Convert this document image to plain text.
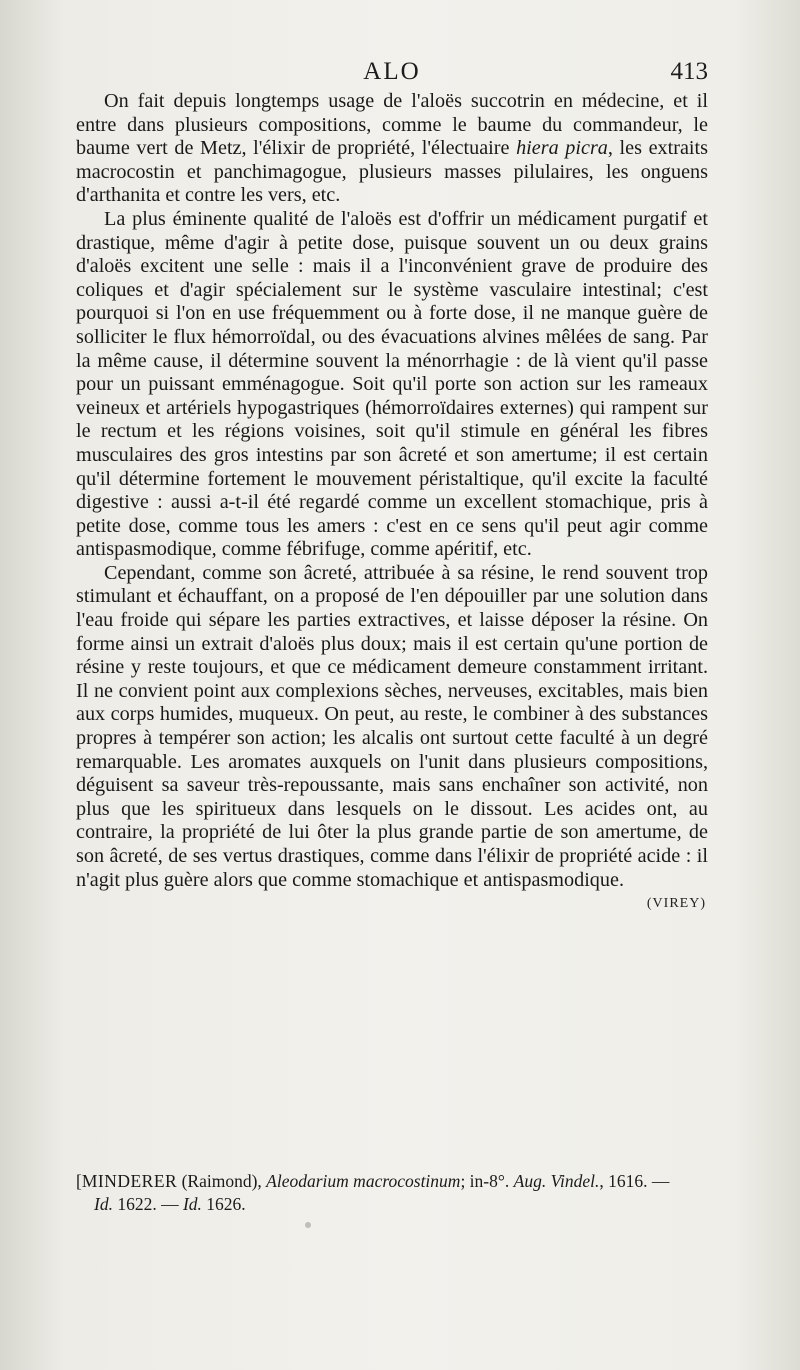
ALO	413

On fait depuis longtemps usage de l'aloës succotrin en médecine, et il entre dans plusieurs compositions, comme le baume du commandeur, le baume vert de Metz, l'élixir de propriété, l'électuaire hiera picra, les extraits macrocostin et panchimagogue, plusieurs masses pilulaires, les onguens d'arthanita et contre les vers, etc.

La plus éminente qualité de l'aloës est d'offrir un médicament purgatif et drastique, même d'agir à petite dose, puisque souvent un ou deux grains d'aloës excitent une selle : mais il a l'inconvénient grave de produire des coliques et d'agir spécialement sur le système vasculaire intestinal; c'est pourquoi si l'on en use fréquemment ou à forte dose, il ne manque guère de solliciter le flux hémorroïdal, ou des évacuations alvines mêlées de sang. Par la même cause, il détermine souvent la ménorrhagie : de là vient qu'il passe pour un puissant emménagogue. Soit qu'il porte son action sur les rameaux veineux et artériels hypogastriques (hémorroïdaires externes) qui rampent sur le rectum et les régions voisines, soit qu'il stimule en général les fibres musculaires des gros intestins par son âcreté et son amertume; il est certain qu'il détermine fortement le mouvement péristaltique, qu'il excite la faculté digestive : aussi a-t-il été regardé comme un excellent stomachique, pris à petite dose, comme tous les amers : c'est en ce sens qu'il peut agir comme antispasmodique, comme fébrifuge, comme apéritif, etc.

Cependant, comme son âcreté, attribuée à sa résine, le rend souvent trop stimulant et échauffant, on a proposé de l'en dépouiller par une solution dans l'eau froide qui sépare les parties extractives, et laisse déposer la résine. On forme ainsi un extrait d'aloës plus doux; mais il est certain qu'une portion de résine y reste toujours, et que ce médicament demeure constamment irritant. Il ne convient point aux complexions sèches, nerveuses, excitables, mais bien aux corps humides, muqueux. On peut, au reste, le combiner à des substances propres à tempérer son action; les alcalis ont surtout cette faculté à un degré remarquable. Les aromates auxquels on l'unit dans plusieurs compositions, déguisent sa saveur très-repoussante, mais sans enchaîner son activité, non plus que les spiritueux dans lesquels on le dissout. Les acides ont, au contraire, la propriété de lui ôter la plus grande partie de son amertume, de son âcreté, de ses vertus drastiques, comme dans l'élixir de propriété acide : il n'agit plus guère alors que comme stomachique et antispasmodique.

(VIREY)

[MINDERER (Raimond), Aleodarium macrocostinum; in-8°. Aug. Vindel., 1616. —
Id. 1622. — Id. 1626.
